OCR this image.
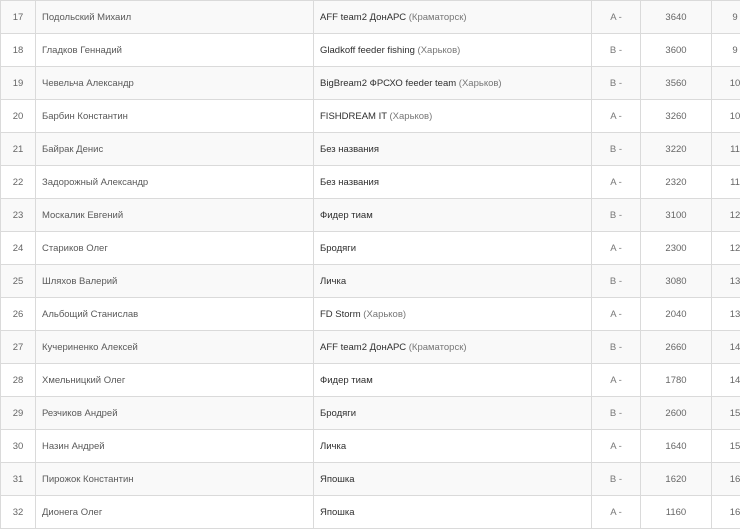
17	Подольский Михаил	AFF team2 ДонАРС (Краматорск)	A -	3640	9
18	Гладков Геннадий	Gladkoff feeder fishing (Харьков)	B -	3600	9
19	Чевельча Александр	BigBream2 ФРСХО feeder team (Харьков)	B -	3560	10
20	Барбин Константин	FISHDREAM IT (Харьков)	A -	3260	10
21	Байрак Денис	Без названия	B -	3220	11
22	Задорожный Александр	Без названия	A -	2320	11
23	Москалик Евгений	Фидер тиам	B -	3100	12
24	Стариков Олег	Бродяги	A -	2300	12
25	Шляхов Валерий	Личка	B -	3080	13
26	Альбощий Станислав	FD Storm (Харьков)	A -	2040	13
27	Кучериненко Алексей	AFF team2 ДонАРС (Краматорск)	B -	2660	14
28	Хмельницкий Олег	Фидер тиам	A -	1780	14
29	Резчиков Андрей	Бродяги	B -	2600	15
30	Назин Андрей	Личка	A -	1640	15
31	Пирожок Константин	Япошка	B -	1620	16
32	Дионега Олег	Япошка	A -	1160	16
